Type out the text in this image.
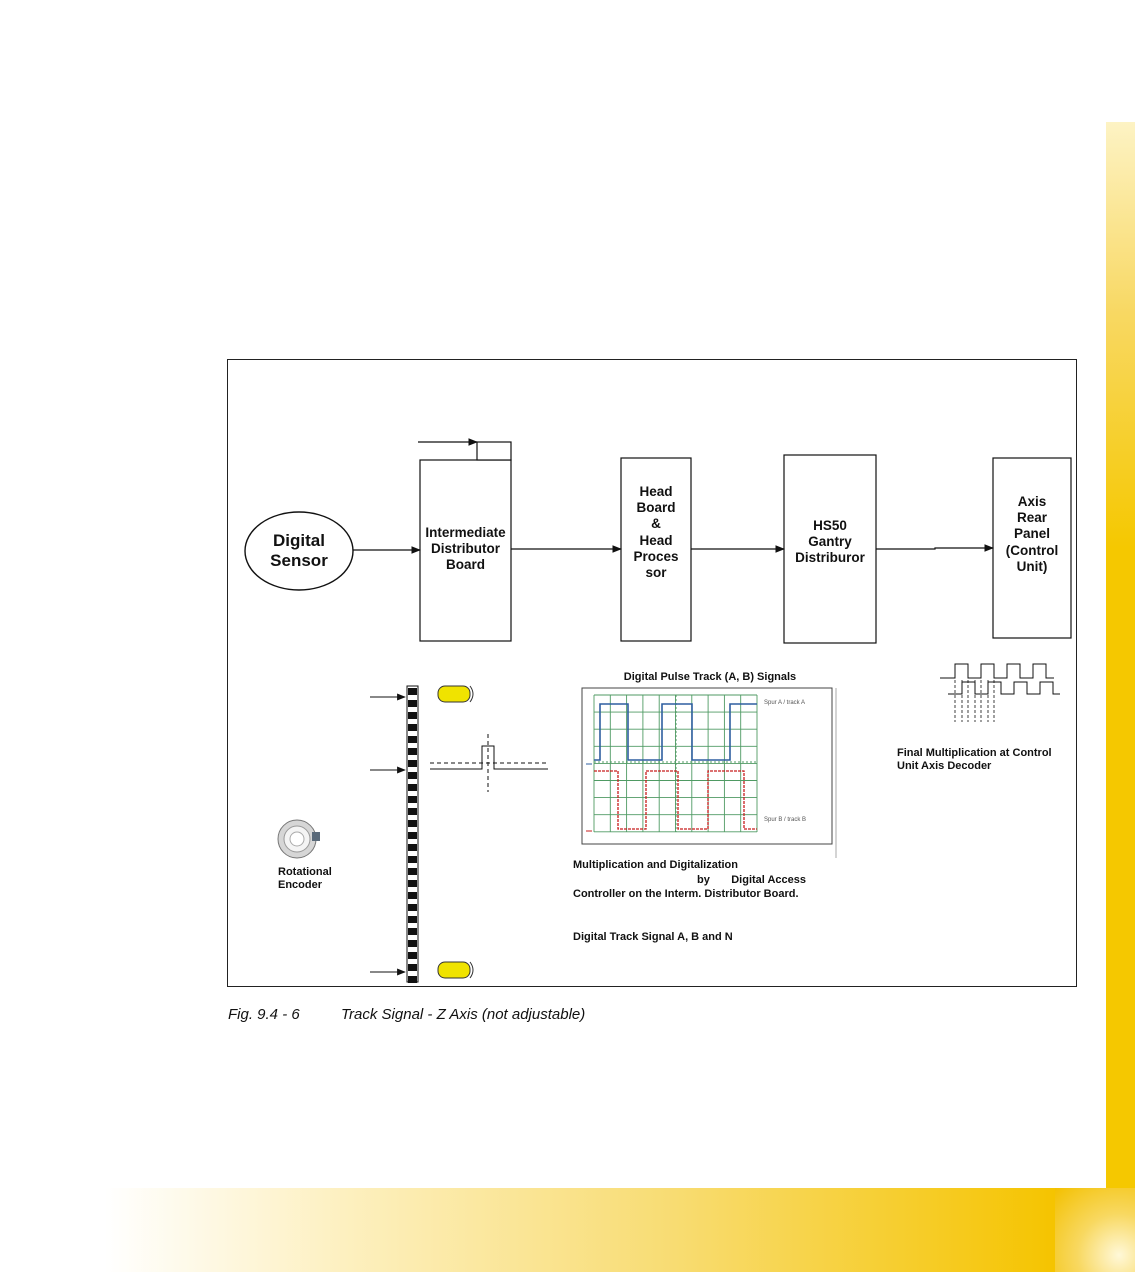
Digital
Sensor
Intermediate
Distributor
Board
Head
Board
&
Head
Proces
sor
HS50
Gantry
Distriburor
Axis
Rear
Panel
(Control
Unit)
Digital Pulse Track (A, B) Signals
Final Multiplication at Control
Unit Axis Decoder
Rotational
Encoder
Multiplication and Digitalization
by       Digital Access
Controller on the Interm. Distributor Board.
Digital Track Signal A, B and N
Spur A / track A
Spur B / track B
Fig. 9.4 - 6	Track Signal - Z Axis (not adjustable)
